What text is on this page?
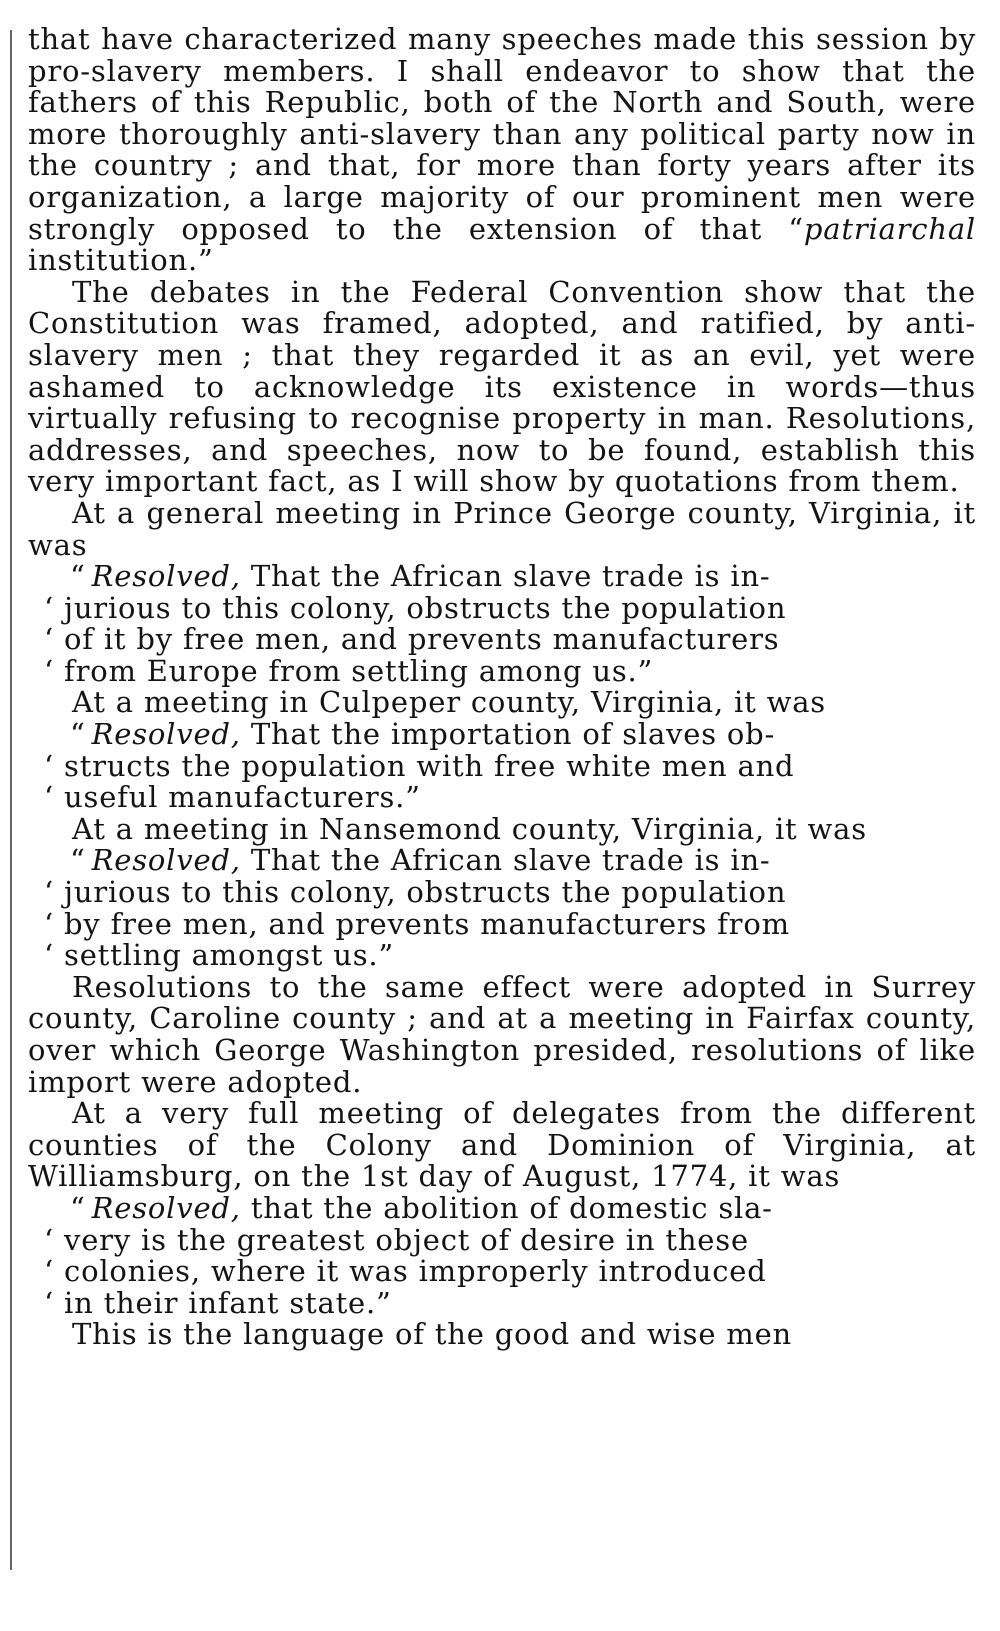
that have characterized many speeches made this session by pro-slavery members. I shall endeavor to show that the fathers of this Republic, both of the North and South, were more thoroughly anti-slavery than any political party now in the country ; and that, for more than forty years after its organization, a large majority of our prominent men were strongly opposed to the extension of that “patriarchal institution.”

The debates in the Federal Convention show that the Constitution was framed, adopted, and ratified, by anti-slavery men ; that they regarded it as an evil, yet were ashamed to acknowledge its existence in words—thus virtually refusing to recognise property in man. Resolutions, addresses, and speeches, now to be found, establish this very important fact, as I will show by quotations from them.

At a general meeting in Prince George county, Virginia, it was

“ Resolved, That the African slave trade is in-
‘ jurious to this colony, obstructs the population
‘ of it by free men, and prevents manufacturers
‘ from Europe from settling among us.”

At a meeting in Culpeper county, Virginia, it was

“ Resolved, That the importation of slaves ob-
‘ structs the population with free white men and
‘ useful manufacturers.”

At a meeting in Nansemond county, Virginia, it was

“ Resolved, That the African slave trade is in-
‘ jurious to this colony, obstructs the population
‘ by free men, and prevents manufacturers from
‘ settling amongst us.”

Resolutions to the same effect were adopted in Surrey county, Caroline county ; and at a meeting in Fairfax county, over which George Washington presided, resolutions of like import were adopted.

At a very full meeting of delegates from the different counties of the Colony and Dominion of Virginia, at Williamsburg, on the 1st day of August, 1774, it was

“ Resolved, that the abolition of domestic sla-
‘ very is the greatest object of desire in these
‘ colonies, where it was improperly introduced
‘ in their infant state.”

This is the language of the good and wise men
